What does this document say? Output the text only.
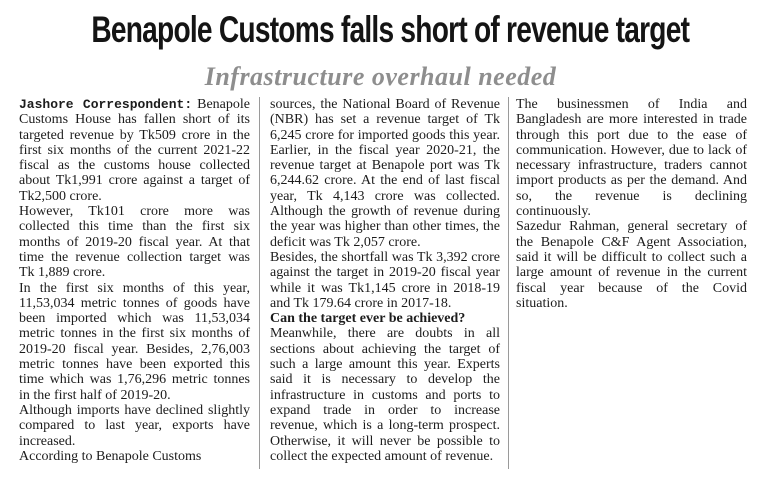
Benapole Customs falls short of revenue target
Infrastructure overhaul needed

Jashore Correspondent: Benapole Customs House has fallen short of its targeted revenue by Tk509 crore in the first six months of the current 2021-22 fiscal as the customs house collected about Tk1,991 crore against a target of Tk2,500 crore.

However, Tk101 crore more was collected this time than the first six months of 2019-20 fiscal year. At that time the revenue collection target was Tk 1,889 crore.

In the first six months of this year, 11,53,034 metric tonnes of goods have been imported which was 11,53,034 metric tonnes in the first six months of 2019-20 fiscal year. Besides, 2,76,003 metric tonnes have been exported this time which was 1,76,296 metric tonnes in the first half of 2019-20.

Although imports have declined slightly compared to last year, exports have increased.

According to Benapole Customs

sources, the National Board of Revenue (NBR) has set a revenue target of Tk 6,245 crore for imported goods this year. Earlier, in the fiscal year 2020-21, the revenue target at Benapole port was Tk 6,244.62 crore. At the end of last fiscal year, Tk 4,143 crore was collected. Although the growth of revenue during the year was higher than other times, the deficit was Tk 2,057 crore.

Besides, the shortfall was Tk 3,392 crore against the target in 2019-20 fiscal year while it was Tk1,145 crore in 2018-19 and Tk 179.64 crore in 2017-18.

Can the target ever be achieved?

Meanwhile, there are doubts in all sections about achieving the target of such a large amount this year. Experts said it is necessary to develop the infrastructure in customs and ports to expand trade in order to increase revenue, which is a long-term prospect. Otherwise, it will never be possible to collect the expected amount of revenue.

The businessmen of India and Bangladesh are more interested in trade through this port due to the ease of communication. However, due to lack of necessary infrastructure, traders cannot import products as per the demand. And so, the revenue is declining continuously.

Sazedur Rahman, general secretary of the Benapole C&F Agent Association, said it will be difficult to collect such a large amount of revenue in the current fiscal year because of the Covid situation.
